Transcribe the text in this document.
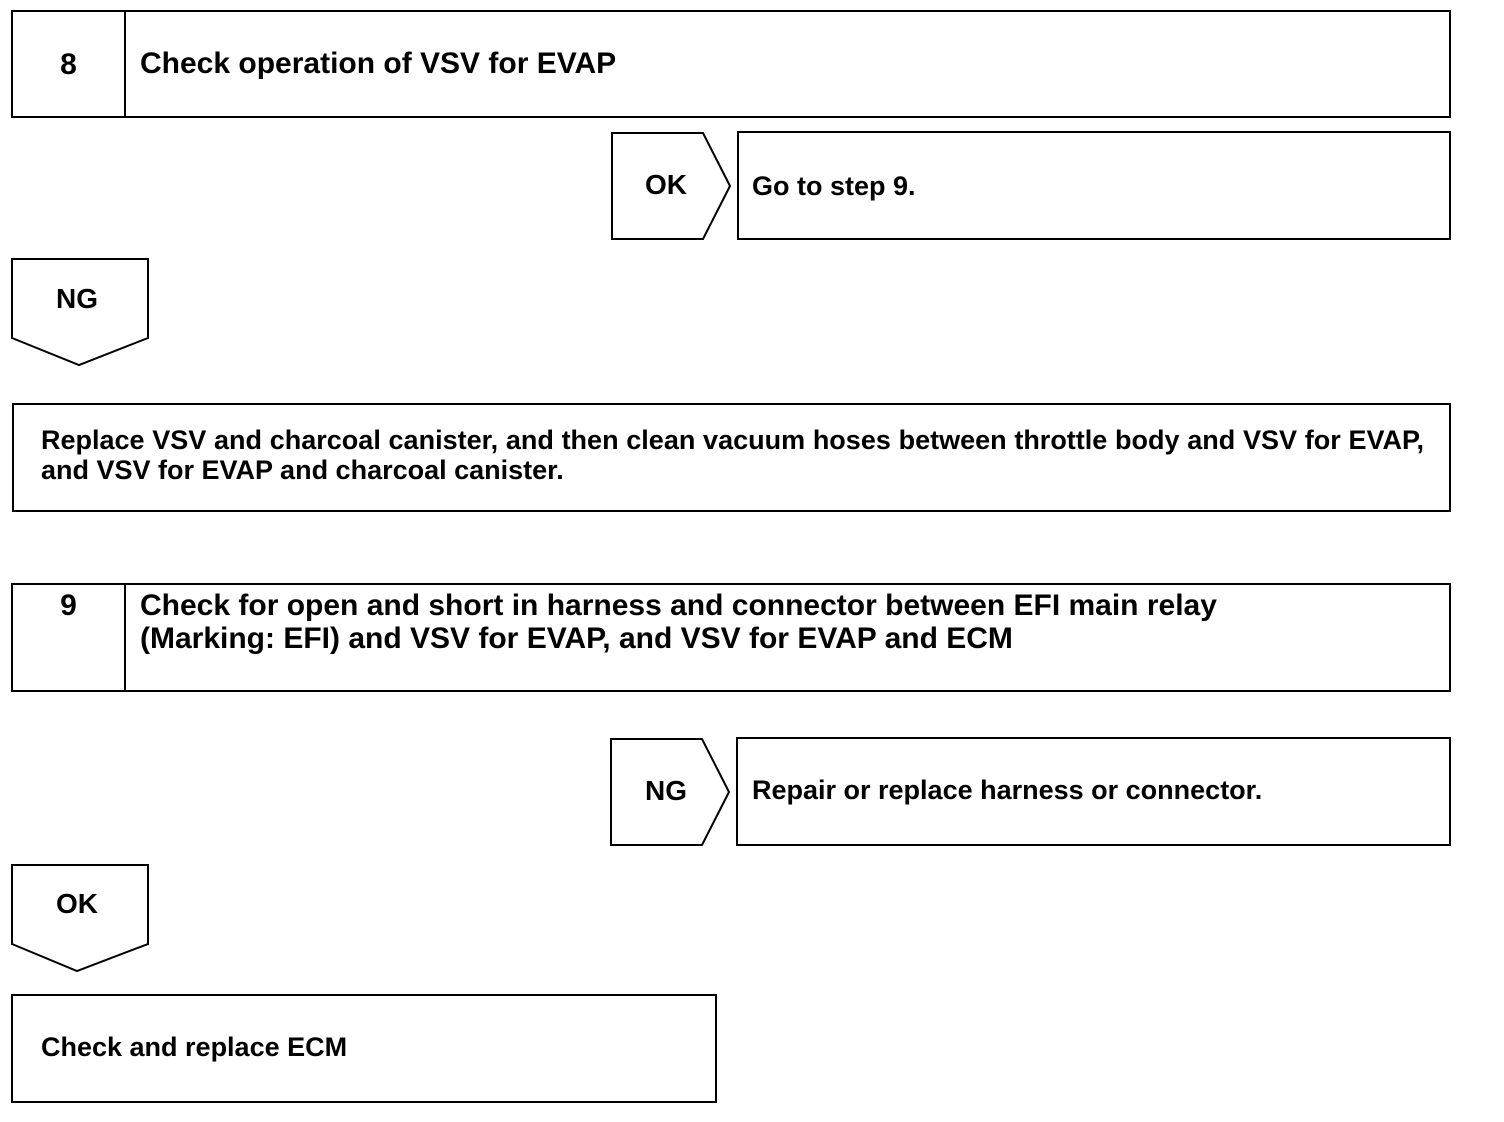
8	Check operation of VSV for EVAP
OK	Go to step 9.
NG
Replace VSV and charcoal canister, and then clean vacuum hoses between throttle body and VSV for EVAP, and VSV for EVAP and charcoal canister.
9	Check for open and short in harness and connector between EFI main relay
(Marking: EFI) and VSV for EVAP, and VSV for EVAP and ECM
NG	Repair or replace harness or connector.
OK
Check and replace ECM
